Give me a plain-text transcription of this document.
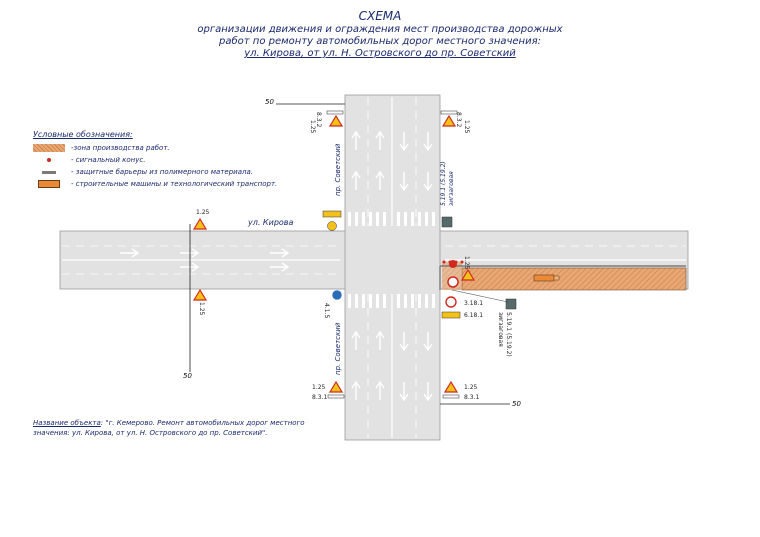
СХЕМА
организации движения и ограждения мест производства дорожных
работ по ремонту автомобильных дорог местного значения:
ул. Кирова, от ул. Н. Островского до пр. Советский
Условные обозначения:
-зона производства работ.
- сигнальный конус.
- защитные барьеры из полимерного материала.
- строительные машины и технологический транспорт.
Название объекта: "г. Кемерово. Ремонт автомобильных дорог местного
значения: ул. Кирова, от ул. Н. Островского до пр. Советский".
ул. Кирова
пр. Советский
пр. Советский
50
50
50
8.3.2
1.25	8.3.2 1.25
1.25
1.25	4.1.5
5.19.1 (5.19.2) зигзаговая
3.18.1
6.18.1	5.19.1 (5.19.2)
зигзаговая
1.25
8.3.1
1.25
8.3.1
1.25
